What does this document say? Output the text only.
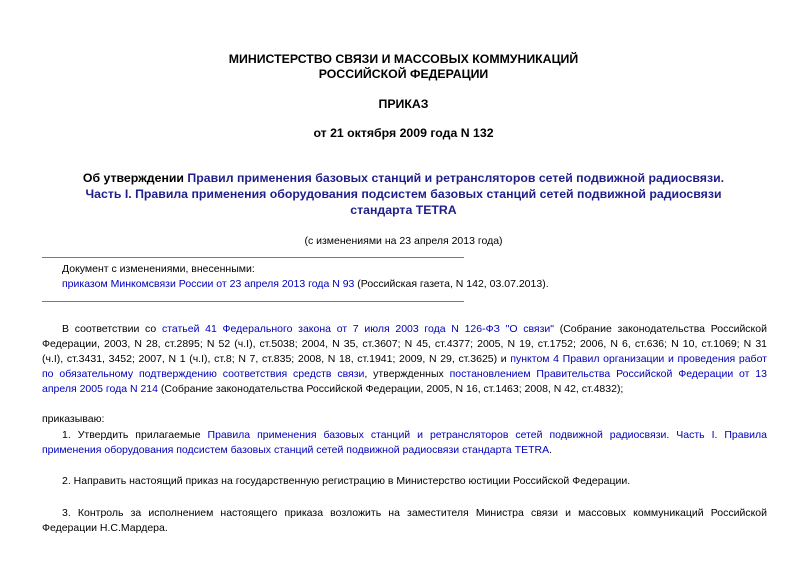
МИНИСТЕРСТВО СВЯЗИ И МАССОВЫХ КОММУНИКАЦИЙ
РОССИЙСКОЙ ФЕДЕРАЦИИ
ПРИКАЗ
от 21 октября 2009 года N 132
Об утверждении Правил применения базовых станций и ретрансляторов сетей подвижной радиосвязи.
Часть I. Правила применения оборудования подсистем базовых станций сетей подвижной радиосвязи
стандарта TETRA
(с изменениями на 23 апреля 2013 года)
Документ с изменениями, внесенными:
приказом Минкомсвязи России от 23 апреля 2013 года N 93 (Российская газета, N 142, 03.07.2013).
В соответствии со статьей 41 Федерального закона от 7 июля 2003 года N 126-ФЗ "О связи" (Собрание законодательства Российской
Федерации, 2003, N 28, ст.2895; N 52 (ч.I), ст.5038; 2004, N 35, ст.3607; N 45, ст.4377; 2005, N 19, ст.1752; 2006, N 6, ст.636; N 10, ст.1069; N 31
(ч.I), ст.3431, 3452; 2007, N 1 (ч.I), ст.8; N 7, ст.835; 2008, N 18, ст.1941; 2009, N 29, ст.3625) и пунктом 4 Правил организации и проведения работ
по обязательному подтверждению соответствия средств связи, утвержденных постановлением Правительства Российской Федерации от 13
апреля 2005 года N 214 (Собрание законодательства Российской Федерации, 2005, N 16, ст.1463; 2008, N 42, ст.4832);
приказываю:
1. Утвердить прилагаемые Правила применения базовых станций и ретрансляторов сетей подвижной радиосвязи. Часть I. Правила
применения оборудования подсистем базовых станций сетей подвижной радиосвязи стандарта TETRA.
2. Направить настоящий приказ на государственную регистрацию в Министерство юстиции Российской Федерации.
3. Контроль за исполнением настоящего приказа возложить на заместителя Министра связи и массовых коммуникаций Российской
Федерации Н.С.Мардера.
